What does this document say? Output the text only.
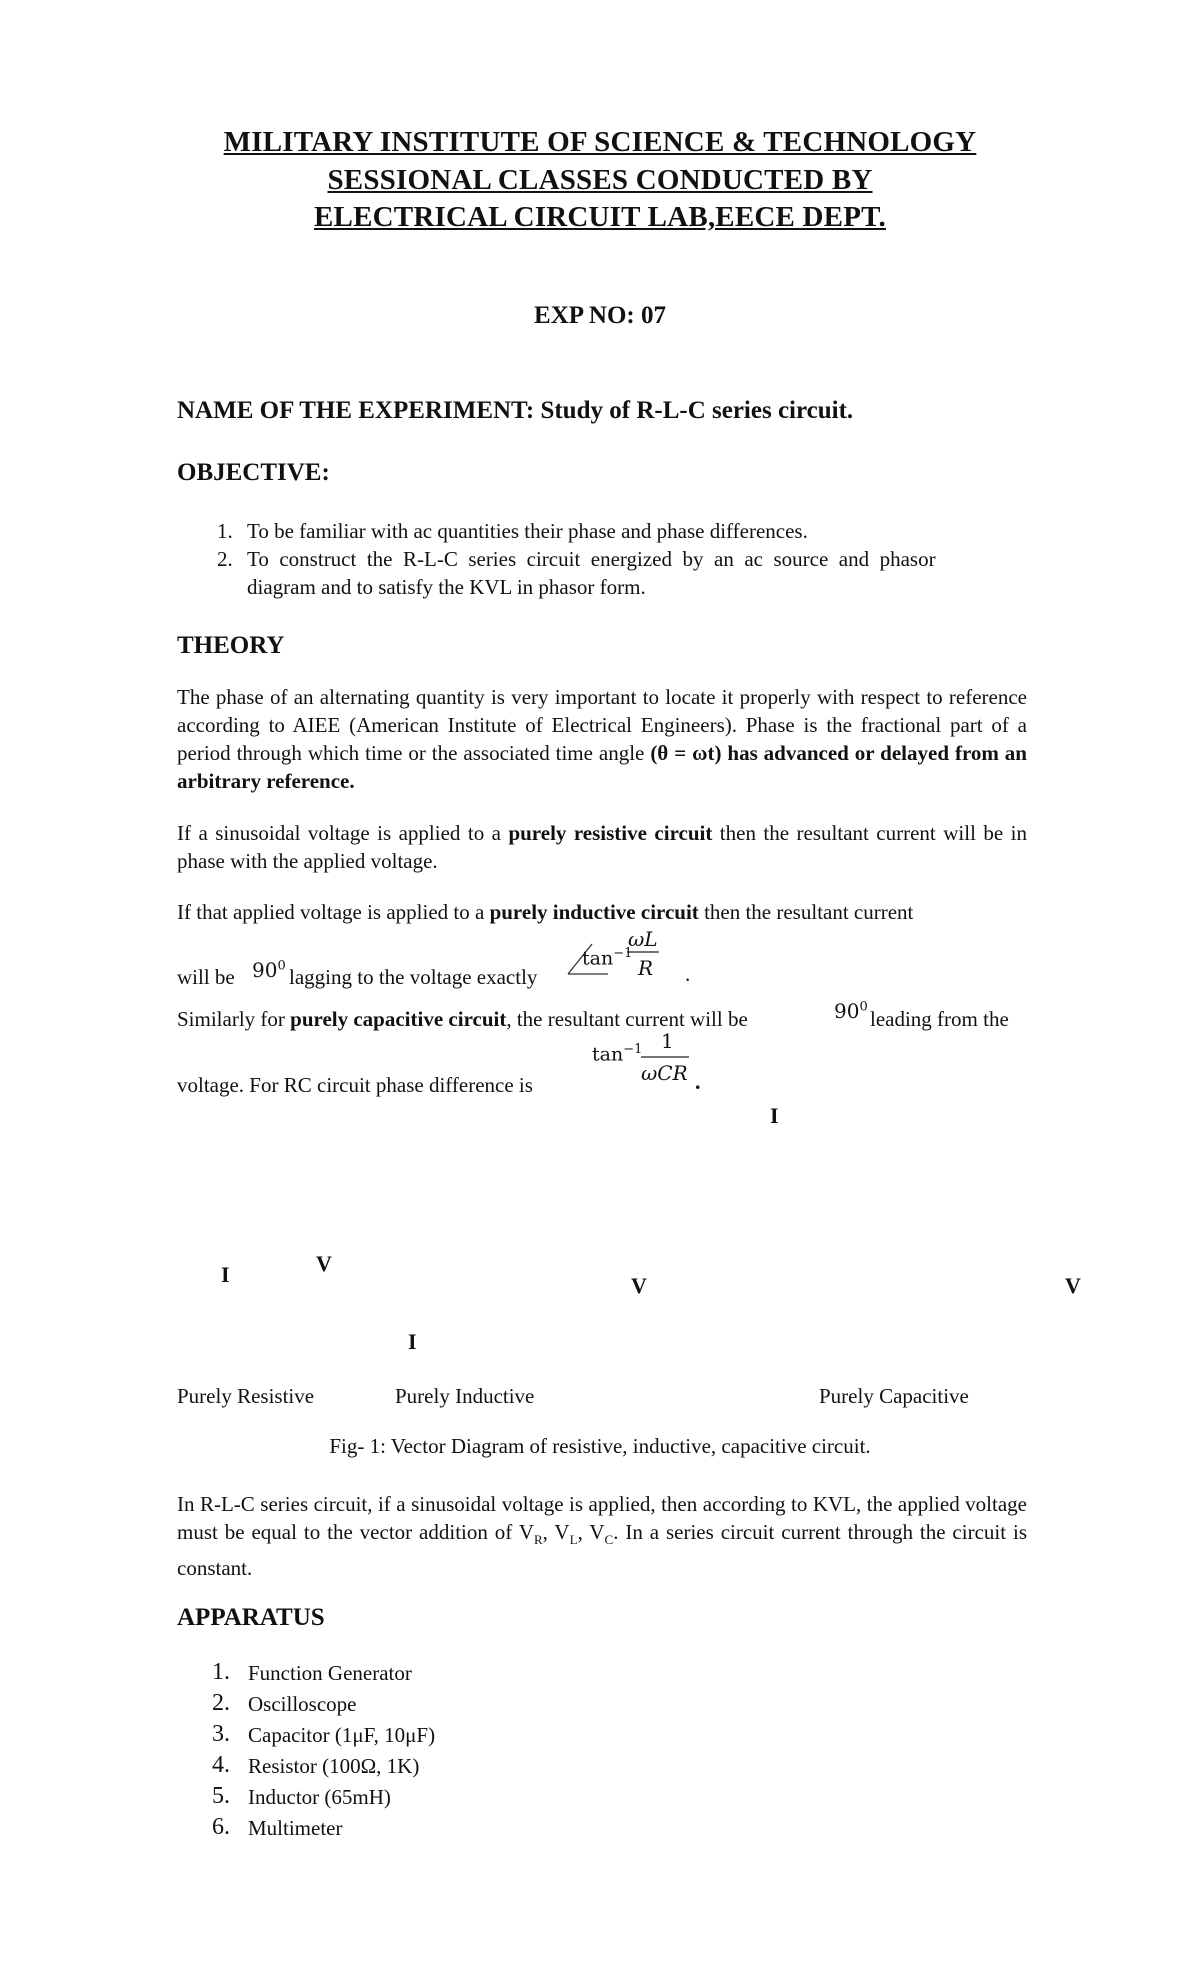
MILITARY INSTITUTE OF SCIENCE & TECHNOLOGY
SESSIONAL CLASSES CONDUCTED BY
ELECTRICAL CIRCUIT LAB,EECE DEPT.
EXP NO: 07
NAME OF THE EXPERIMENT: Study of R-L-C series circuit.
OBJECTIVE:
1. To be familiar with ac quantities their phase and phase differences.
2. To  construct  the  R-L-C  series  circuit  energized  by  an  ac  source  and  phasor
diagram and to satisfy the KVL in phasor form.
THEORY
The phase of an alternating quantity is very important to locate it properly with respect to reference according to AIEE (American Institute of Electrical Engineers). Phase is the fractional part of a period through which time or the associated time angle (θ = ωt) has advanced or delayed from an arbitrary reference.
If a sinusoidal voltage is applied to a purely resistive circuit then the resultant current will be in phase with the applied voltage.
If that applied voltage is applied to a purely inductive circuit then the resultant current
will be $90^0$ lagging to the voltage exactly
$\tan^{-1}$
ωL
R .
Similarly for purely capacitive circuit, the resultant current will be	$90^0$
leading from the
voltage. For RC circuit phase difference is
$\tan^{-1} 1$
ωCR .
I
V
I	V	V
I
Purely Resistive	Purely Inductive	Purely Capacitive
Fig- 1: Vector Diagram of resistive, inductive, capacitive circuit.
In R-L-C series circuit, if a sinusoidal voltage is applied, then according to KVL, the applied voltage must be equal to the vector addition of $V_R$, $V_L$, $V_C$. In a series circuit current through the circuit is constant.
APPARATUS
1. Function Generator
2. Oscilloscope
3. Capacitor (1μF, 10μF)
4. Resistor (100Ω, 1K)
5. Inductor (65mH)
6. Multimeter
